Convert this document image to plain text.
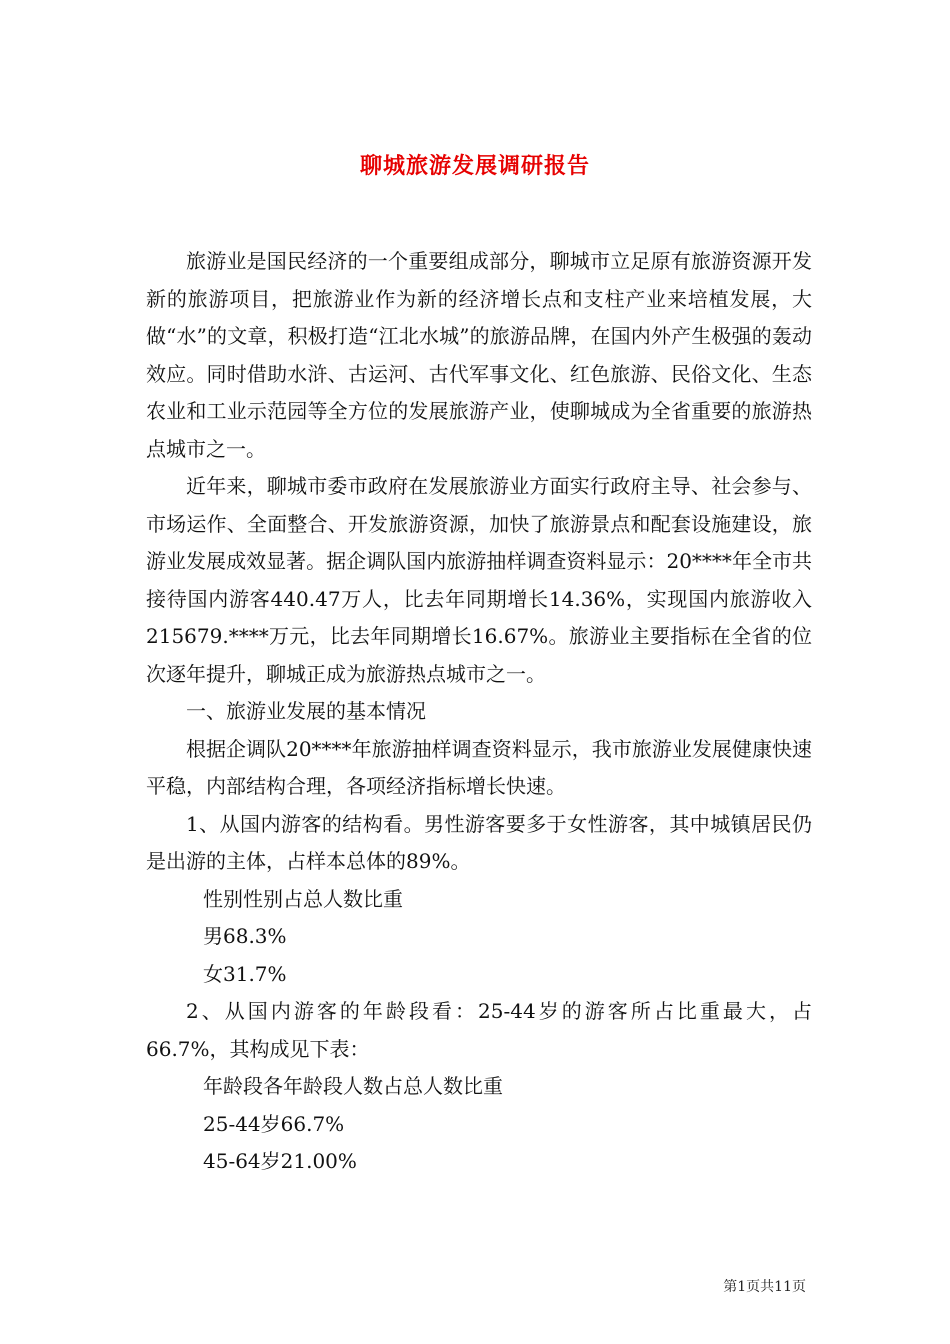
聊城旅游发展调研报告

旅游业是国民经济的一个重要组成部分，聊城市立足原有旅游资源开发新的旅游项目，把旅游业作为新的经济增长点和支柱产业来培植发展，大做“水”的文章，积极打造“江北水城”的旅游品牌，在国内外产生极强的轰动效应。同时借助水浒、古运河、古代军事文化、红色旅游、民俗文化、生态农业和工业示范园等全方位的发展旅游产业，使聊城成为全省重要的旅游热点城市之一。

近年来，聊城市委市政府在发展旅游业方面实行政府主导、社会参与、市场运作、全面整合、开发旅游资源，加快了旅游景点和配套设施建设，旅游业发展成效显著。据企调队国内旅游抽样调查资料显示：20****年全市共接待国内游客440.47万人，比去年同期增长14.36%，实现国内旅游收入215679.****万元，比去年同期增长16.67%。旅游业主要指标在全省的位次逐年提升，聊城正成为旅游热点城市之一。

一、旅游业发展的基本情况

根据企调队20****年旅游抽样调查资料显示，我市旅游业发展健康快速平稳，内部结构合理，各项经济指标增长快速。

1、从国内游客的结构看。男性游客要多于女性游客，其中城镇居民仍是出游的主体，占样本总体的89%。

性别性别占总人数比重

男68.3%

女31.7%

2、从国内游客的年龄段看：25-44岁的游客所占比重最大，占66.7%，其构成见下表：

年龄段各年龄段人数占总人数比重

25-44岁66.7%

45-64岁21.00%

第1页共11页
